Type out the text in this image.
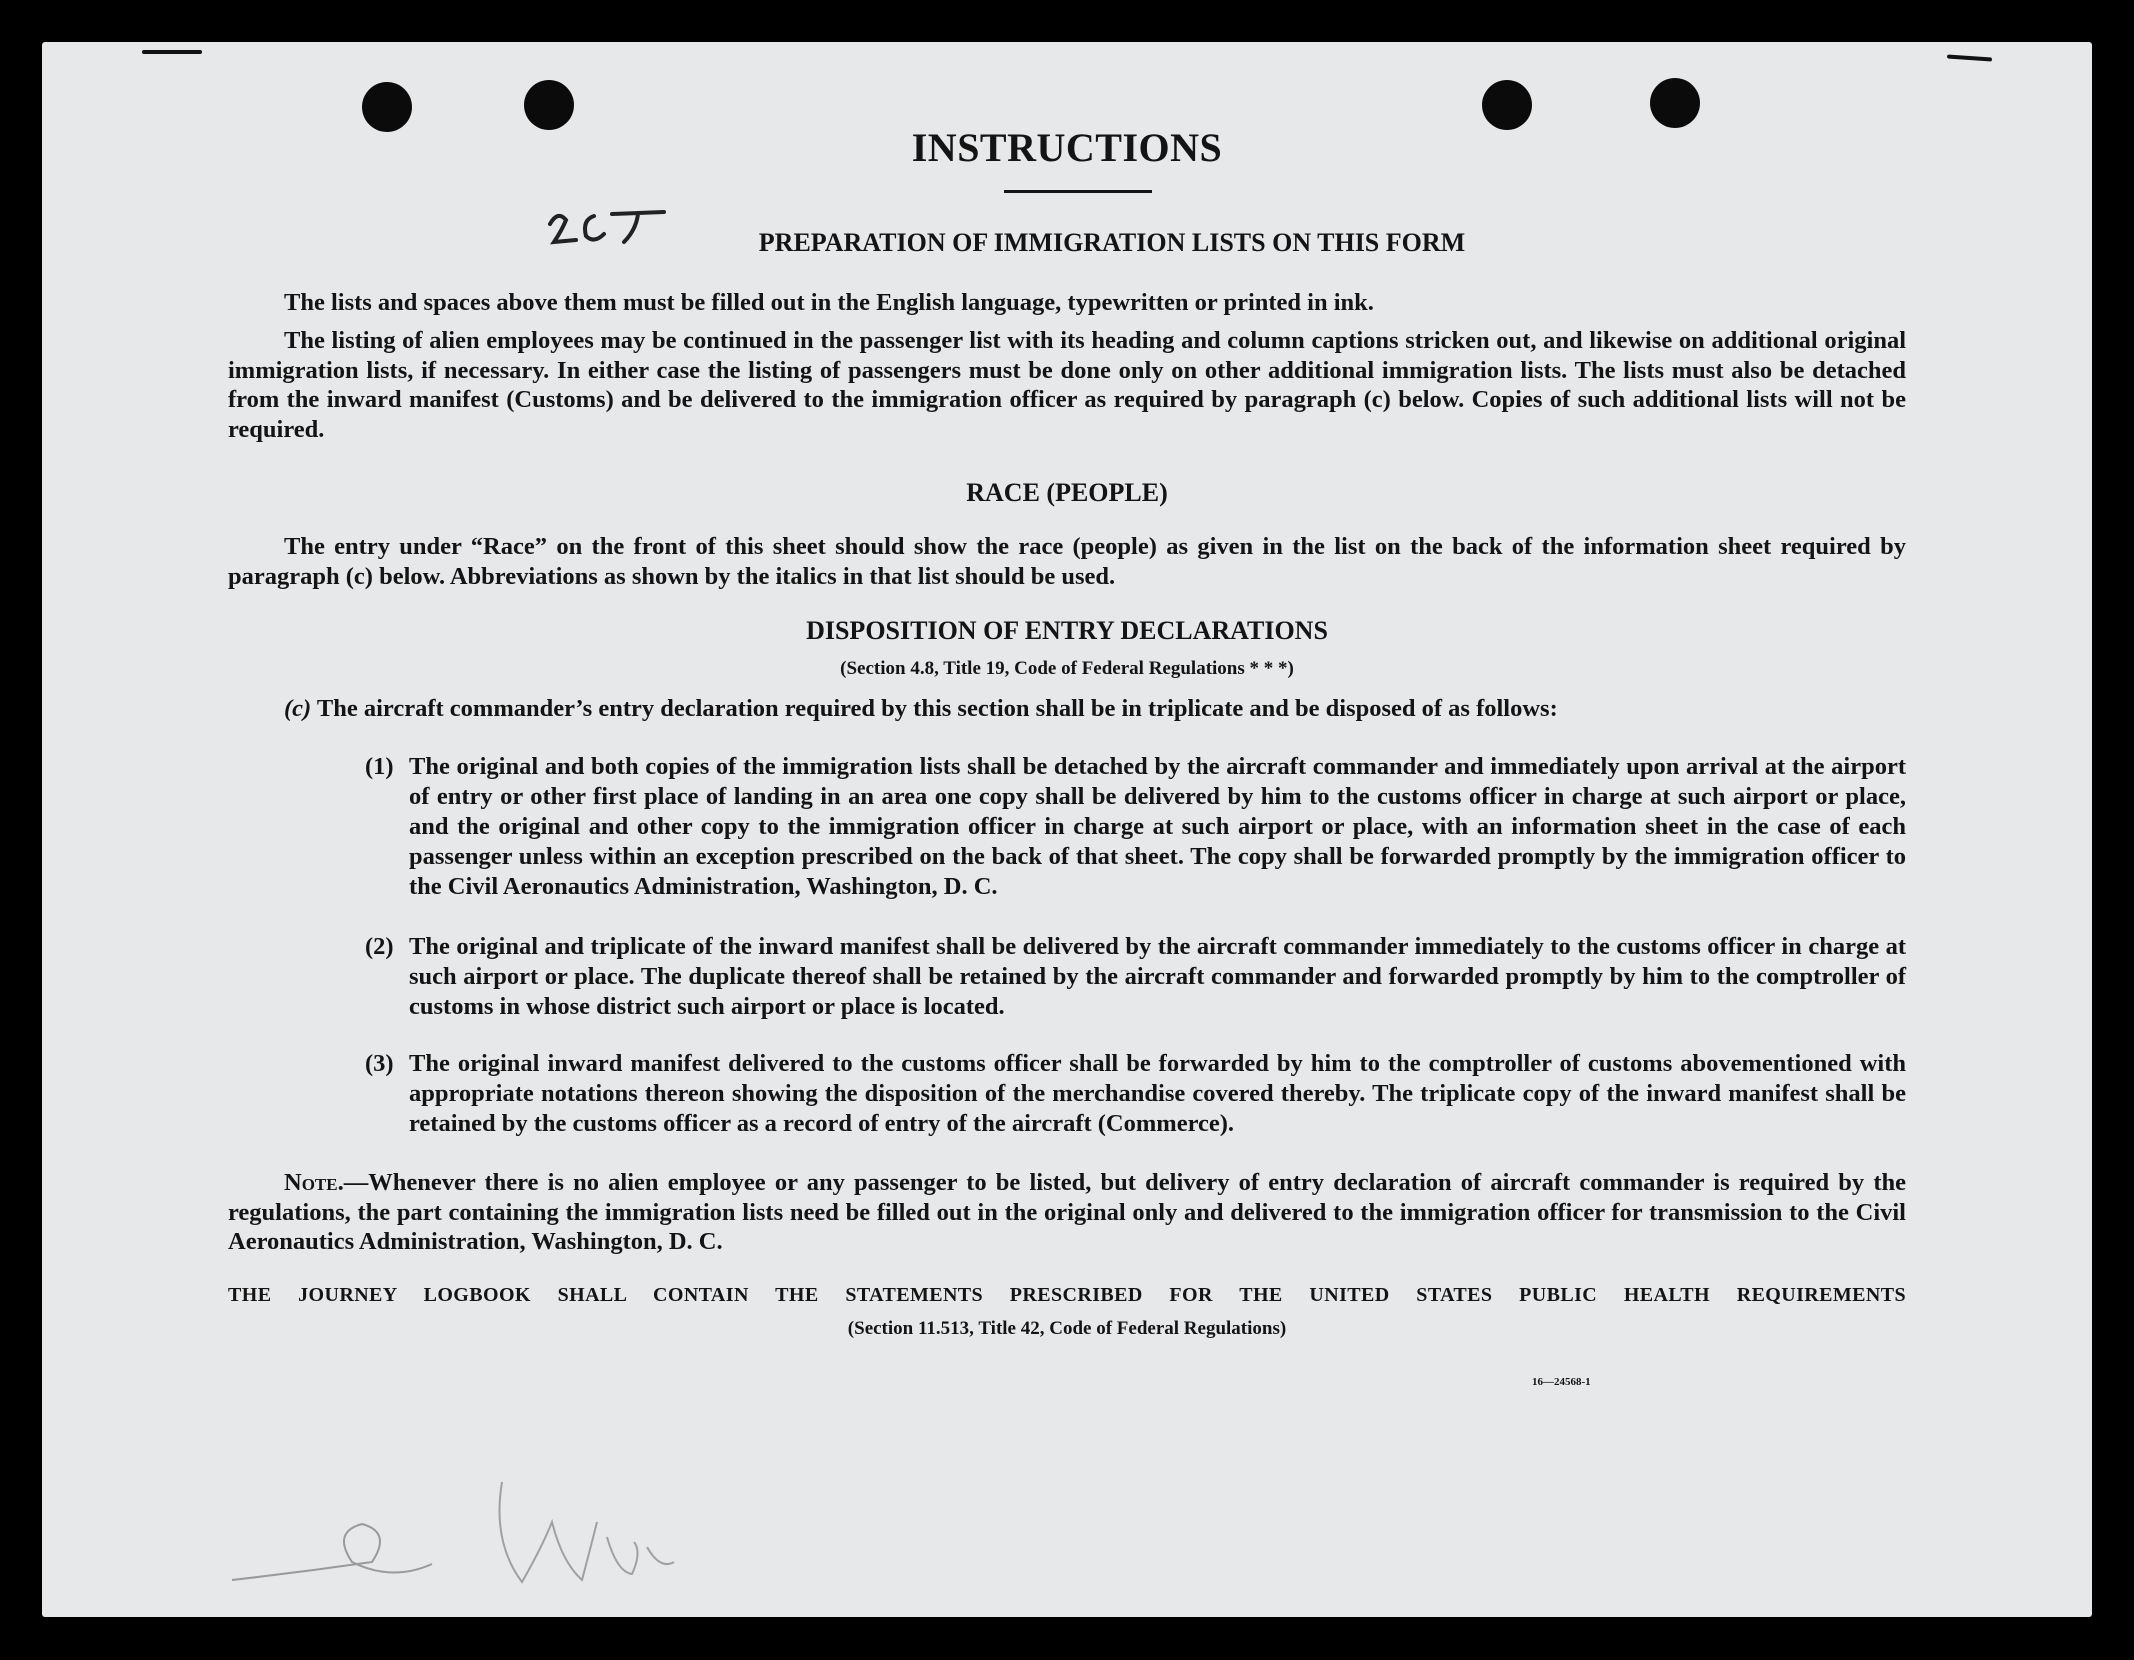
INSTRUCTIONS
PREPARATION OF IMMIGRATION LISTS ON THIS FORM
The lists and spaces above them must be filled out in the English language, typewritten or printed in ink.
The listing of alien employees may be continued in the passenger list with its heading and column captions stricken out, and likewise on additional original immigration lists, if necessary. In either case the listing of passengers must be done only on other additional immigration lists. The lists must also be detached from the inward manifest (Customs) and be delivered to the immigration officer as required by paragraph (c) below. Copies of such additional lists will not be required.
RACE (PEOPLE)
The entry under “Race” on the front of this sheet should show the race (people) as given in the list on the back of the information sheet required by paragraph (c) below. Abbreviations as shown by the italics in that list should be used.
DISPOSITION OF ENTRY DECLARATIONS
(Section 4.8, Title 19, Code of Federal Regulations * * *)
(c) The aircraft commander’s entry declaration required by this section shall be in triplicate and be disposed of as follows:
(1) The original and both copies of the immigration lists shall be detached by the aircraft commander and immediately upon arrival at the airport of entry or other first place of landing in an area one copy shall be delivered by him to the customs officer in charge at such airport or place, and the original and other copy to the immigration officer in charge at such airport or place, with an information sheet in the case of each passenger unless within an exception prescribed on the back of that sheet. The copy shall be forwarded promptly by the immigration officer to the Civil Aeronautics Administration, Washington, D. C.
(2) The original and triplicate of the inward manifest shall be delivered by the aircraft commander immediately to the customs officer in charge at such airport or place. The duplicate thereof shall be retained by the aircraft commander and forwarded promptly by him to the comptroller of customs in whose district such airport or place is located.
(3) The original inward manifest delivered to the customs officer shall be forwarded by him to the comptroller of customs abovementioned with appropriate notations thereon showing the disposition of the merchandise covered thereby. The triplicate copy of the inward manifest shall be retained by the customs officer as a record of entry of the aircraft (Commerce).
Note.—Whenever there is no alien employee or any passenger to be listed, but delivery of entry declaration of aircraft commander is required by the regulations, the part containing the immigration lists need be filled out in the original only and delivered to the immigration officer for transmission to the Civil Aeronautics Administration, Washington, D. C.
THE JOURNEY LOGBOOK SHALL CONTAIN THE STATEMENTS PRESCRIBED FOR THE UNITED STATES PUBLIC HEALTH REQUIREMENTS
(Section 11.513, Title 42, Code of Federal Regulations)
16—24568-1
